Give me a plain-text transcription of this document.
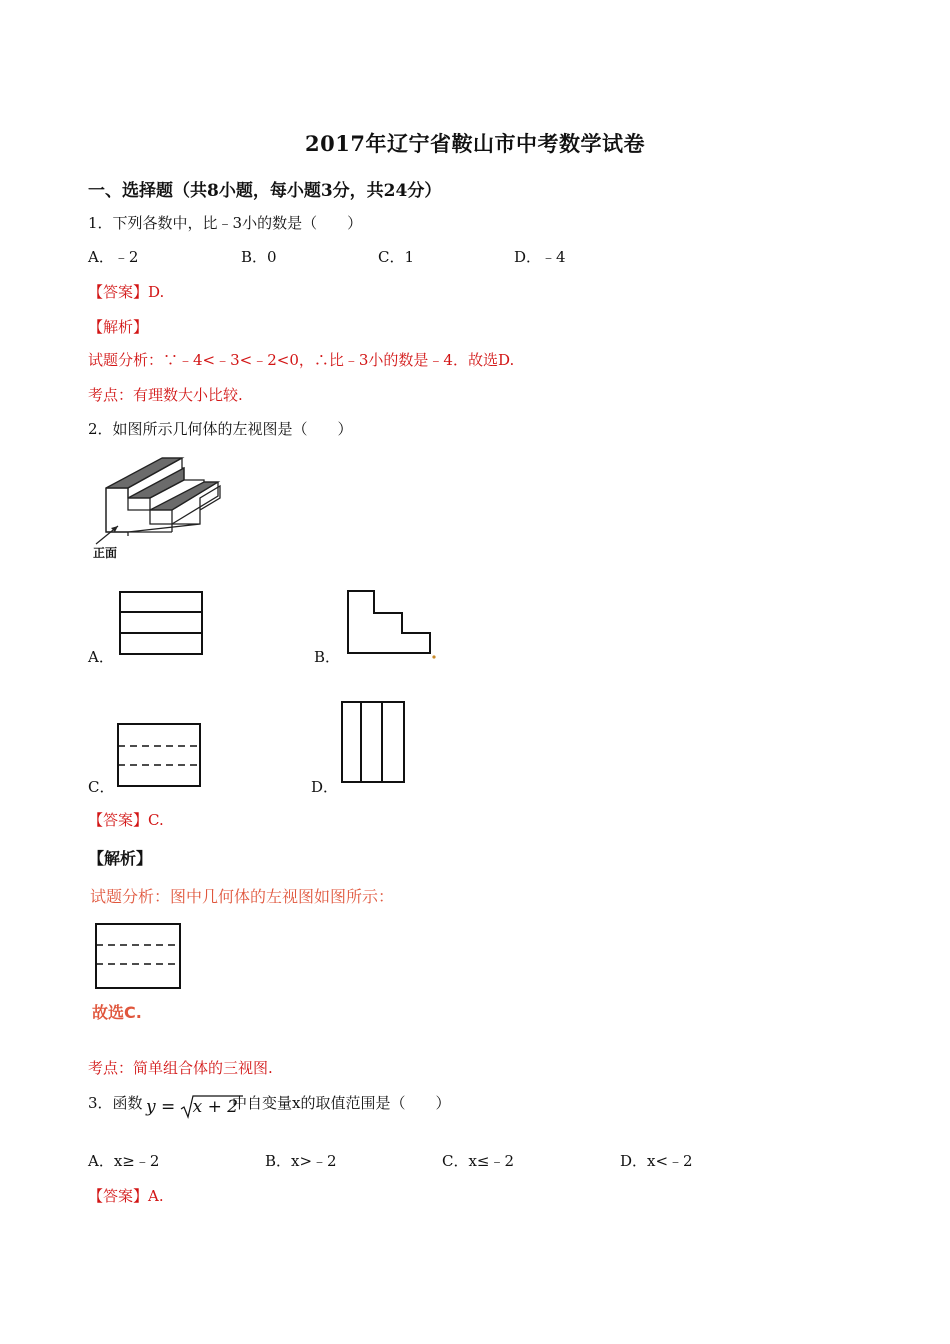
2017年辽宁省鞍山市中考数学试卷
一、选择题（共8小题，每小题3分，共24分）
1．下列各数中，比﹣3小的数是（　　）
A．﹣2	B．0	C．1	D．﹣4
【答案】D.
【解析】
试题分析：∵﹣4<﹣3<﹣2<0，∴比﹣3小的数是﹣4．故选D.
考点：有理数大小比较.
2．如图所示几何体的左视图是（　　）
正面
A．	B．
C．	D．
【答案】C.
【解析】
试题分析：图中几何体的左视图如图所示：
故选C.
考点：简单组合体的三视图.
3．函数 y = x + 2
中自变量x的取值范围是（　　）
A．x≥﹣2	B．x>﹣2	C．x≤﹣2	D．x<﹣2
【答案】A.
